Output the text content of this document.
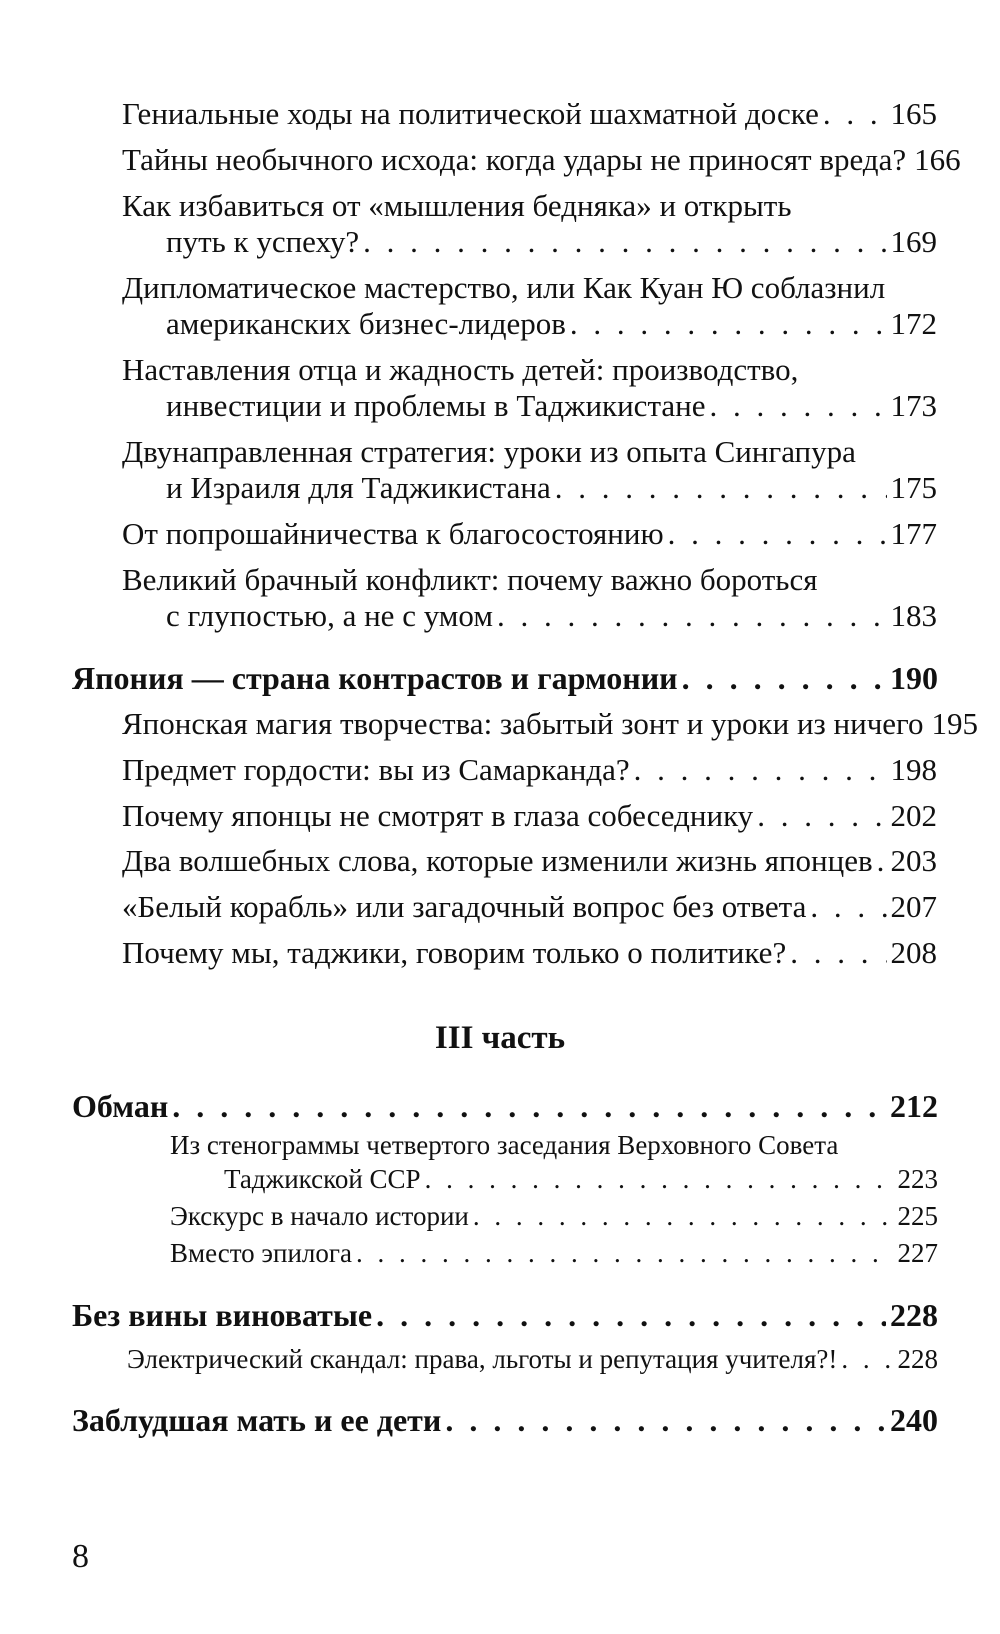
Гениальные ходы на политической шахматной доске . . . 165
Тайны необычного исхода: когда удары не приносят вреда? 166
Как избавиться от «мышления бедняка» и открыть
путь к успеху? . . .	169
Дипломатическое мастерство, или Как Куан Ю соблазнил
американских бизнес-лидеров . . .	172
Наставления отца и жадность детей: производство,
инвестиции и проблемы в Таджикистане . . .	173
Двунаправленная стратегия: уроки из опыта Сингапура
и Израиля для Таджикистана . . .	175
От попрошайничества к благосостоянию . . .	177
Великий брачный конфликт: почему важно бороться
с глупостью, а не с умом . . .	183
Япония — страна контрастов и гармонии . . .	190
Японская магия творчества: забытый зонт и уроки из ничего 195
Предмет гордости: вы из Самарканда? . . .	198
Почему японцы не смотрят в глаза собеседнику . . .	202
Два волшебных слова, которые изменили жизнь японцев . . . 203
«Белый корабль» или загадочный вопрос без ответа . . .	207
Почему мы, таджики, говорим только о политике? . . .	208
III часть
Обман . . .	212
Из стенограммы четвертого заседания Верховного Совета
Таджикской ССР . . .	223
Экскурс в начало истории . . .	225
Вместо эпилога . . .	227
Без вины виноватые . . .	228
Электрический скандал: права, льготы и репутация учителя?! . . . 228
Заблудшая мать и ее дети . . .	240
8
